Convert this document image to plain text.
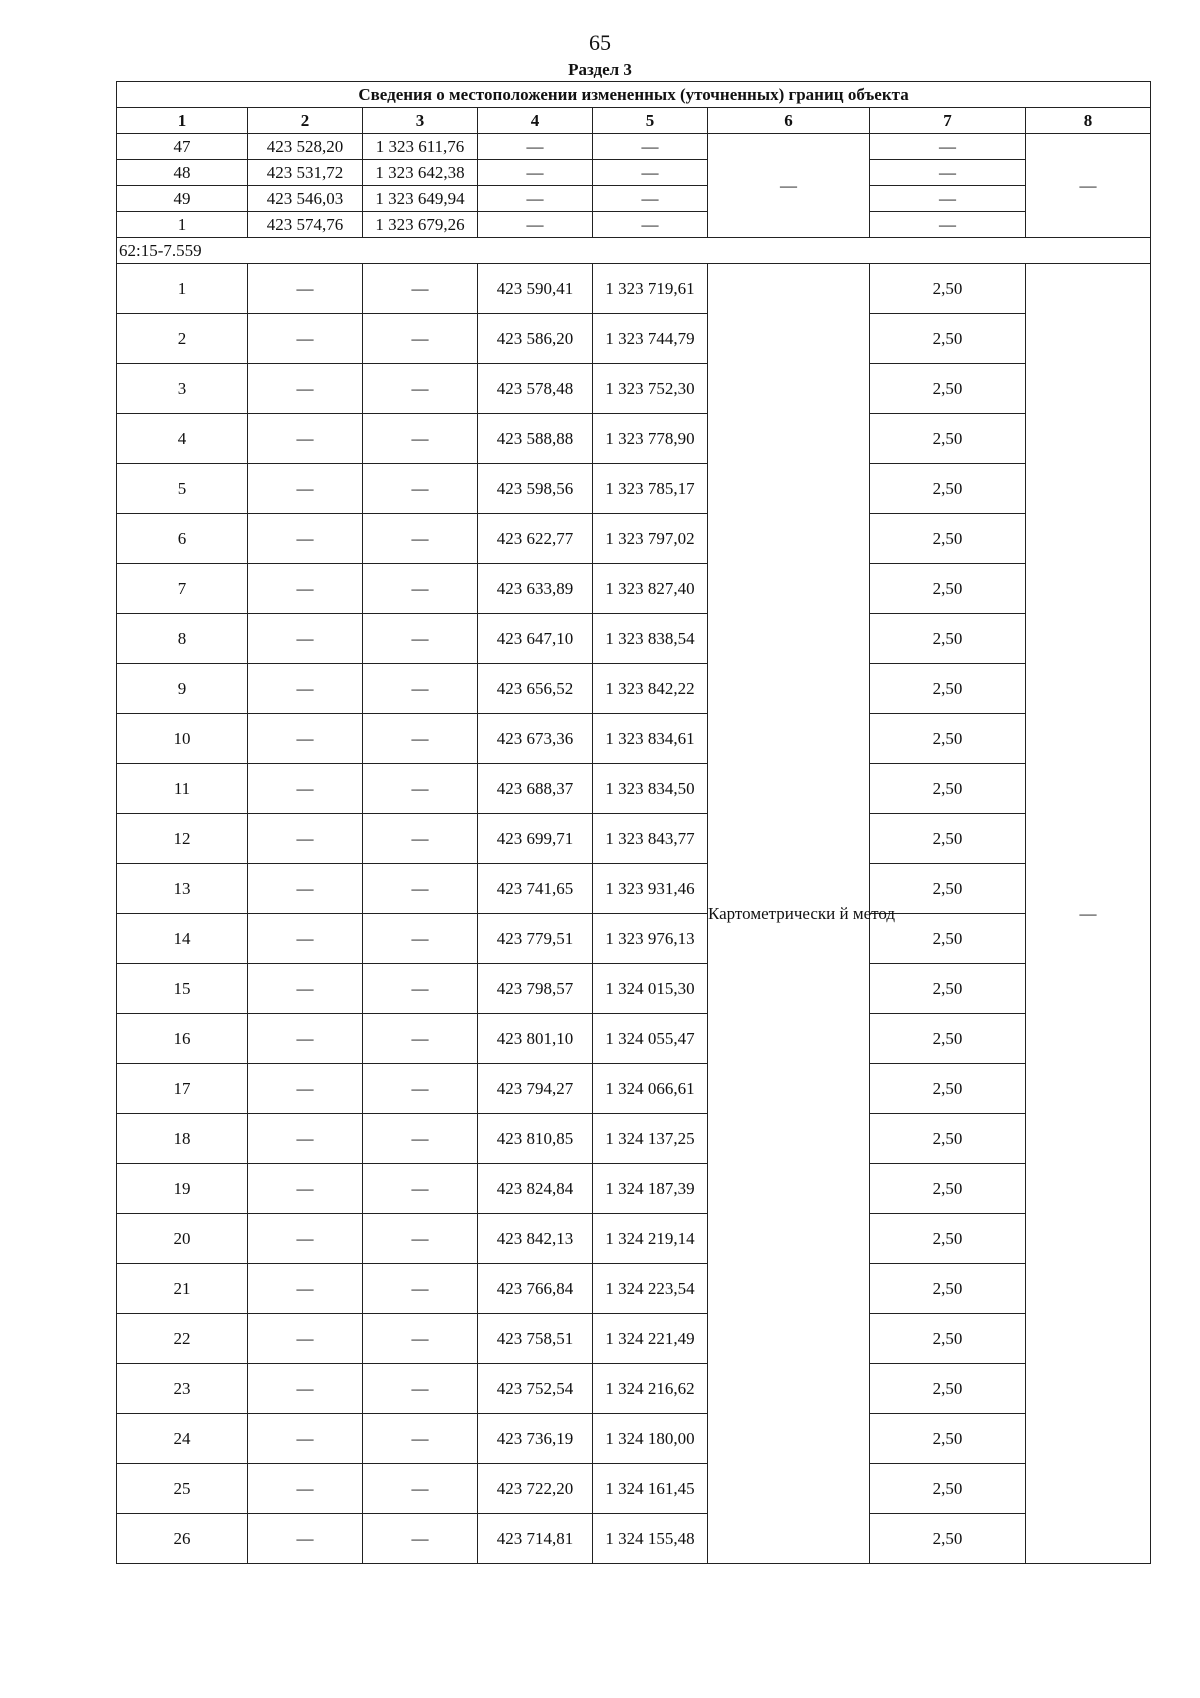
65
Раздел 3
Сведения о местоположении измененных (уточненных) границ объекта							
1	2	3	4	5	6	7	8
47	423 528,20	1 323 611,76	—	—	—	—	—
48	423 531,72	1 323 642,38	—	—		—	
49	423 546,03	1 323 649,94	—	—		—	
1	423 574,76	1 323 679,26	—	—		—	
62:15-7.559							
1	—	—	423 590,41	1 323 719,61	Картометрически й метод	2,50	—
2	—	—	423 586,20	1 323 744,79		2,50	
3	—	—	423 578,48	1 323 752,30		2,50	
4	—	—	423 588,88	1 323 778,90		2,50	
5	—	—	423 598,56	1 323 785,17		2,50	
6	—	—	423 622,77	1 323 797,02		2,50	
7	—	—	423 633,89	1 323 827,40		2,50	
8	—	—	423 647,10	1 323 838,54		2,50	
9	—	—	423 656,52	1 323 842,22		2,50	
10	—	—	423 673,36	1 323 834,61		2,50	
11	—	—	423 688,37	1 323 834,50		2,50	
12	—	—	423 699,71	1 323 843,77		2,50	
13	—	—	423 741,65	1 323 931,46		2,50	
14	—	—	423 779,51	1 323 976,13		2,50	
15	—	—	423 798,57	1 324 015,30		2,50	
16	—	—	423 801,10	1 324 055,47		2,50	
17	—	—	423 794,27	1 324 066,61		2,50	
18	—	—	423 810,85	1 324 137,25		2,50	
19	—	—	423 824,84	1 324 187,39		2,50	
20	—	—	423 842,13	1 324 219,14		2,50	
21	—	—	423 766,84	1 324 223,54		2,50	
22	—	—	423 758,51	1 324 221,49		2,50	
23	—	—	423 752,54	1 324 216,62		2,50	
24	—	—	423 736,19	1 324 180,00		2,50	
25	—	—	423 722,20	1 324 161,45		2,50	
26	—	—	423 714,81	1 324 155,48		2,50	
